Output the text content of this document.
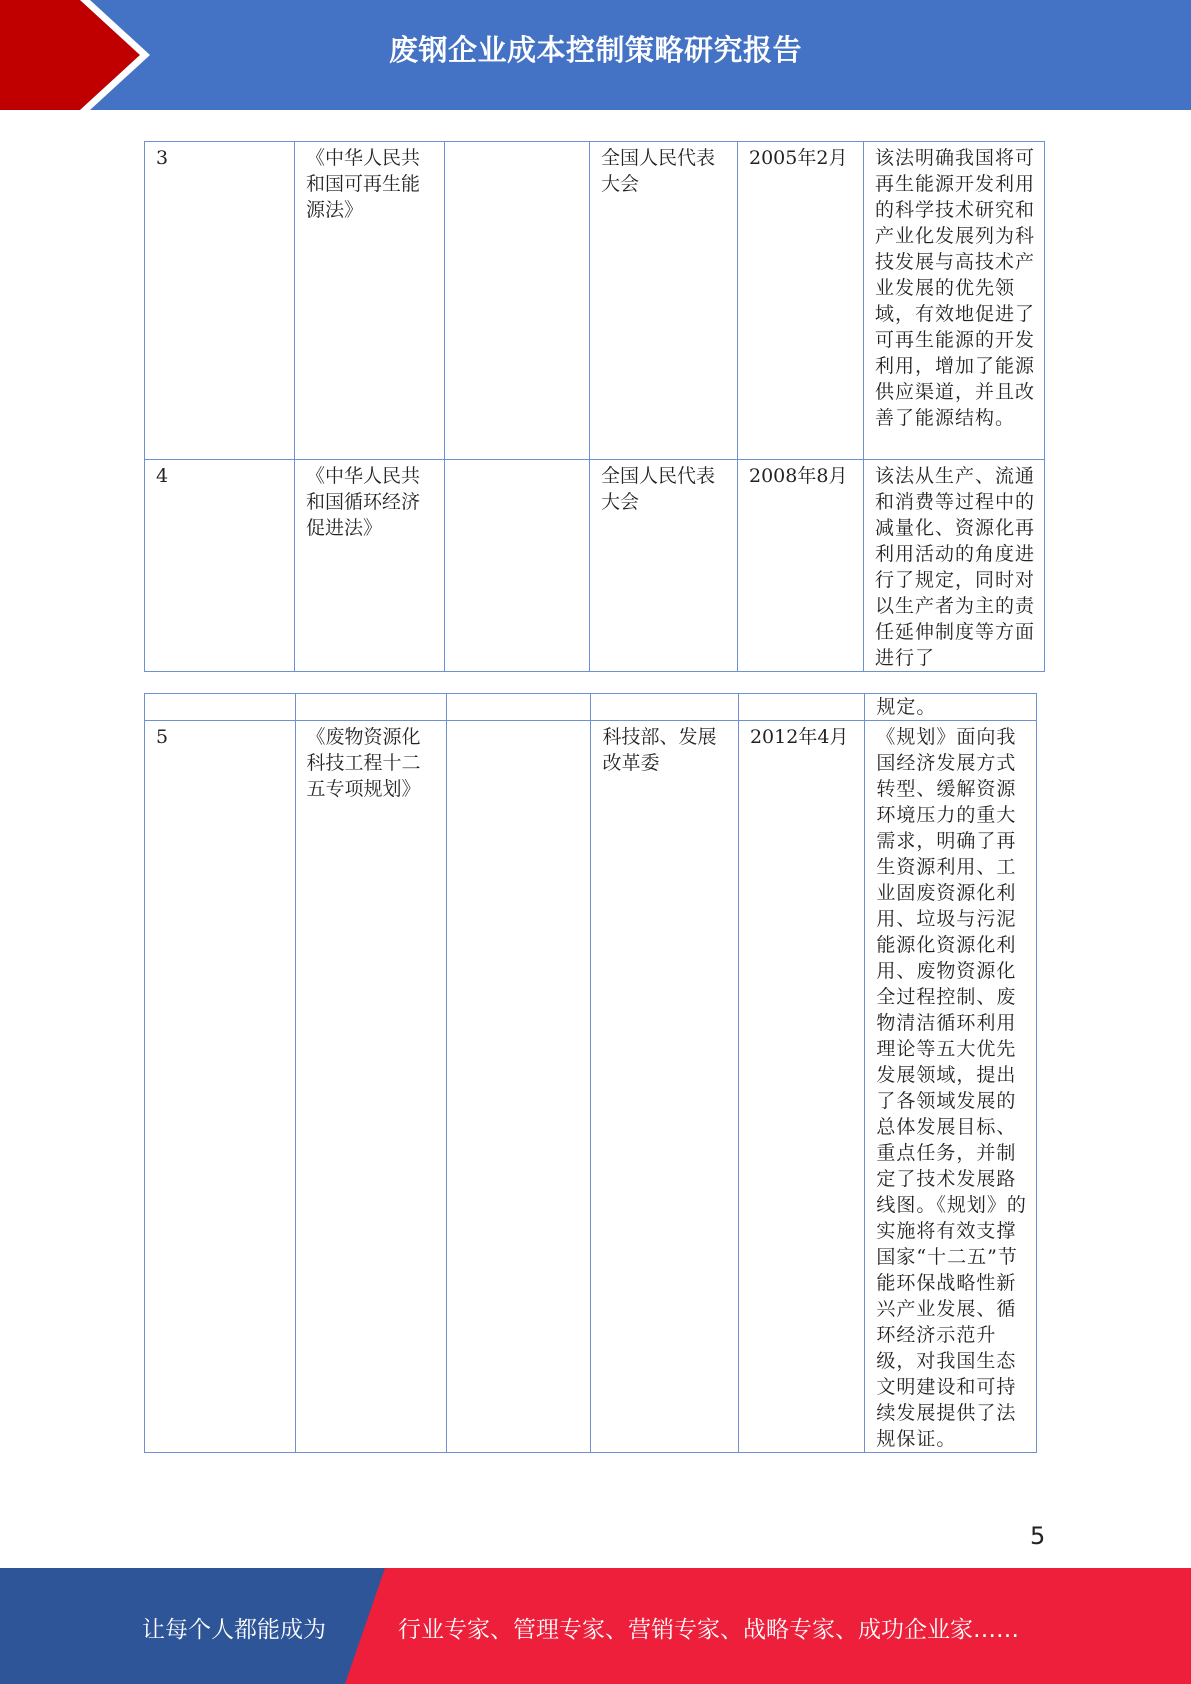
废钢企业成本控制策略研究报告
3	《中华人民共和国可再生能源法》		全国人民代表大会	2005年2月	该法明确我国将可再生能源开发利用的科学技术研究和产业化发展列为科技发展与高技术产业发展的优先领域，有效地促进了可再生能源的开发利用，增加了能源供应渠道，并且改善了能源结构。
4	《中华人民共和国循环经济促进法》		全国人民代表大会	2008年8月	该法从生产、流通和消费等过程中的减量化、资源化再利用活动的角度进行了规定，同时对以生产者为主的责任延伸制度等方面进行了
					规定。
5	《废物资源化科技工程十二五专项规划》		科技部、发展改革委	2012年4月	《规划》面向我国经济发展方式转型、缓解资源环境压力的重大需求，明确了再生资源利用、工业固废资源化利用、垃圾与污泥能源化资源化利用、废物资源化全过程控制、废物清洁循环利用理论等五大优先发展领域，提出了各领域发展的总体发展目标、重点任务，并制定了技术发展路线图。《规划》的实施将有效支撑国家“十二五”节能环保战略性新兴产业发展、循环经济示范升级，对我国生态文明建设和可持续发展提供了法规保证。
5
让每个人都能成为	行业专家、管理专家、营销专家、战略专家、成功企业家……
